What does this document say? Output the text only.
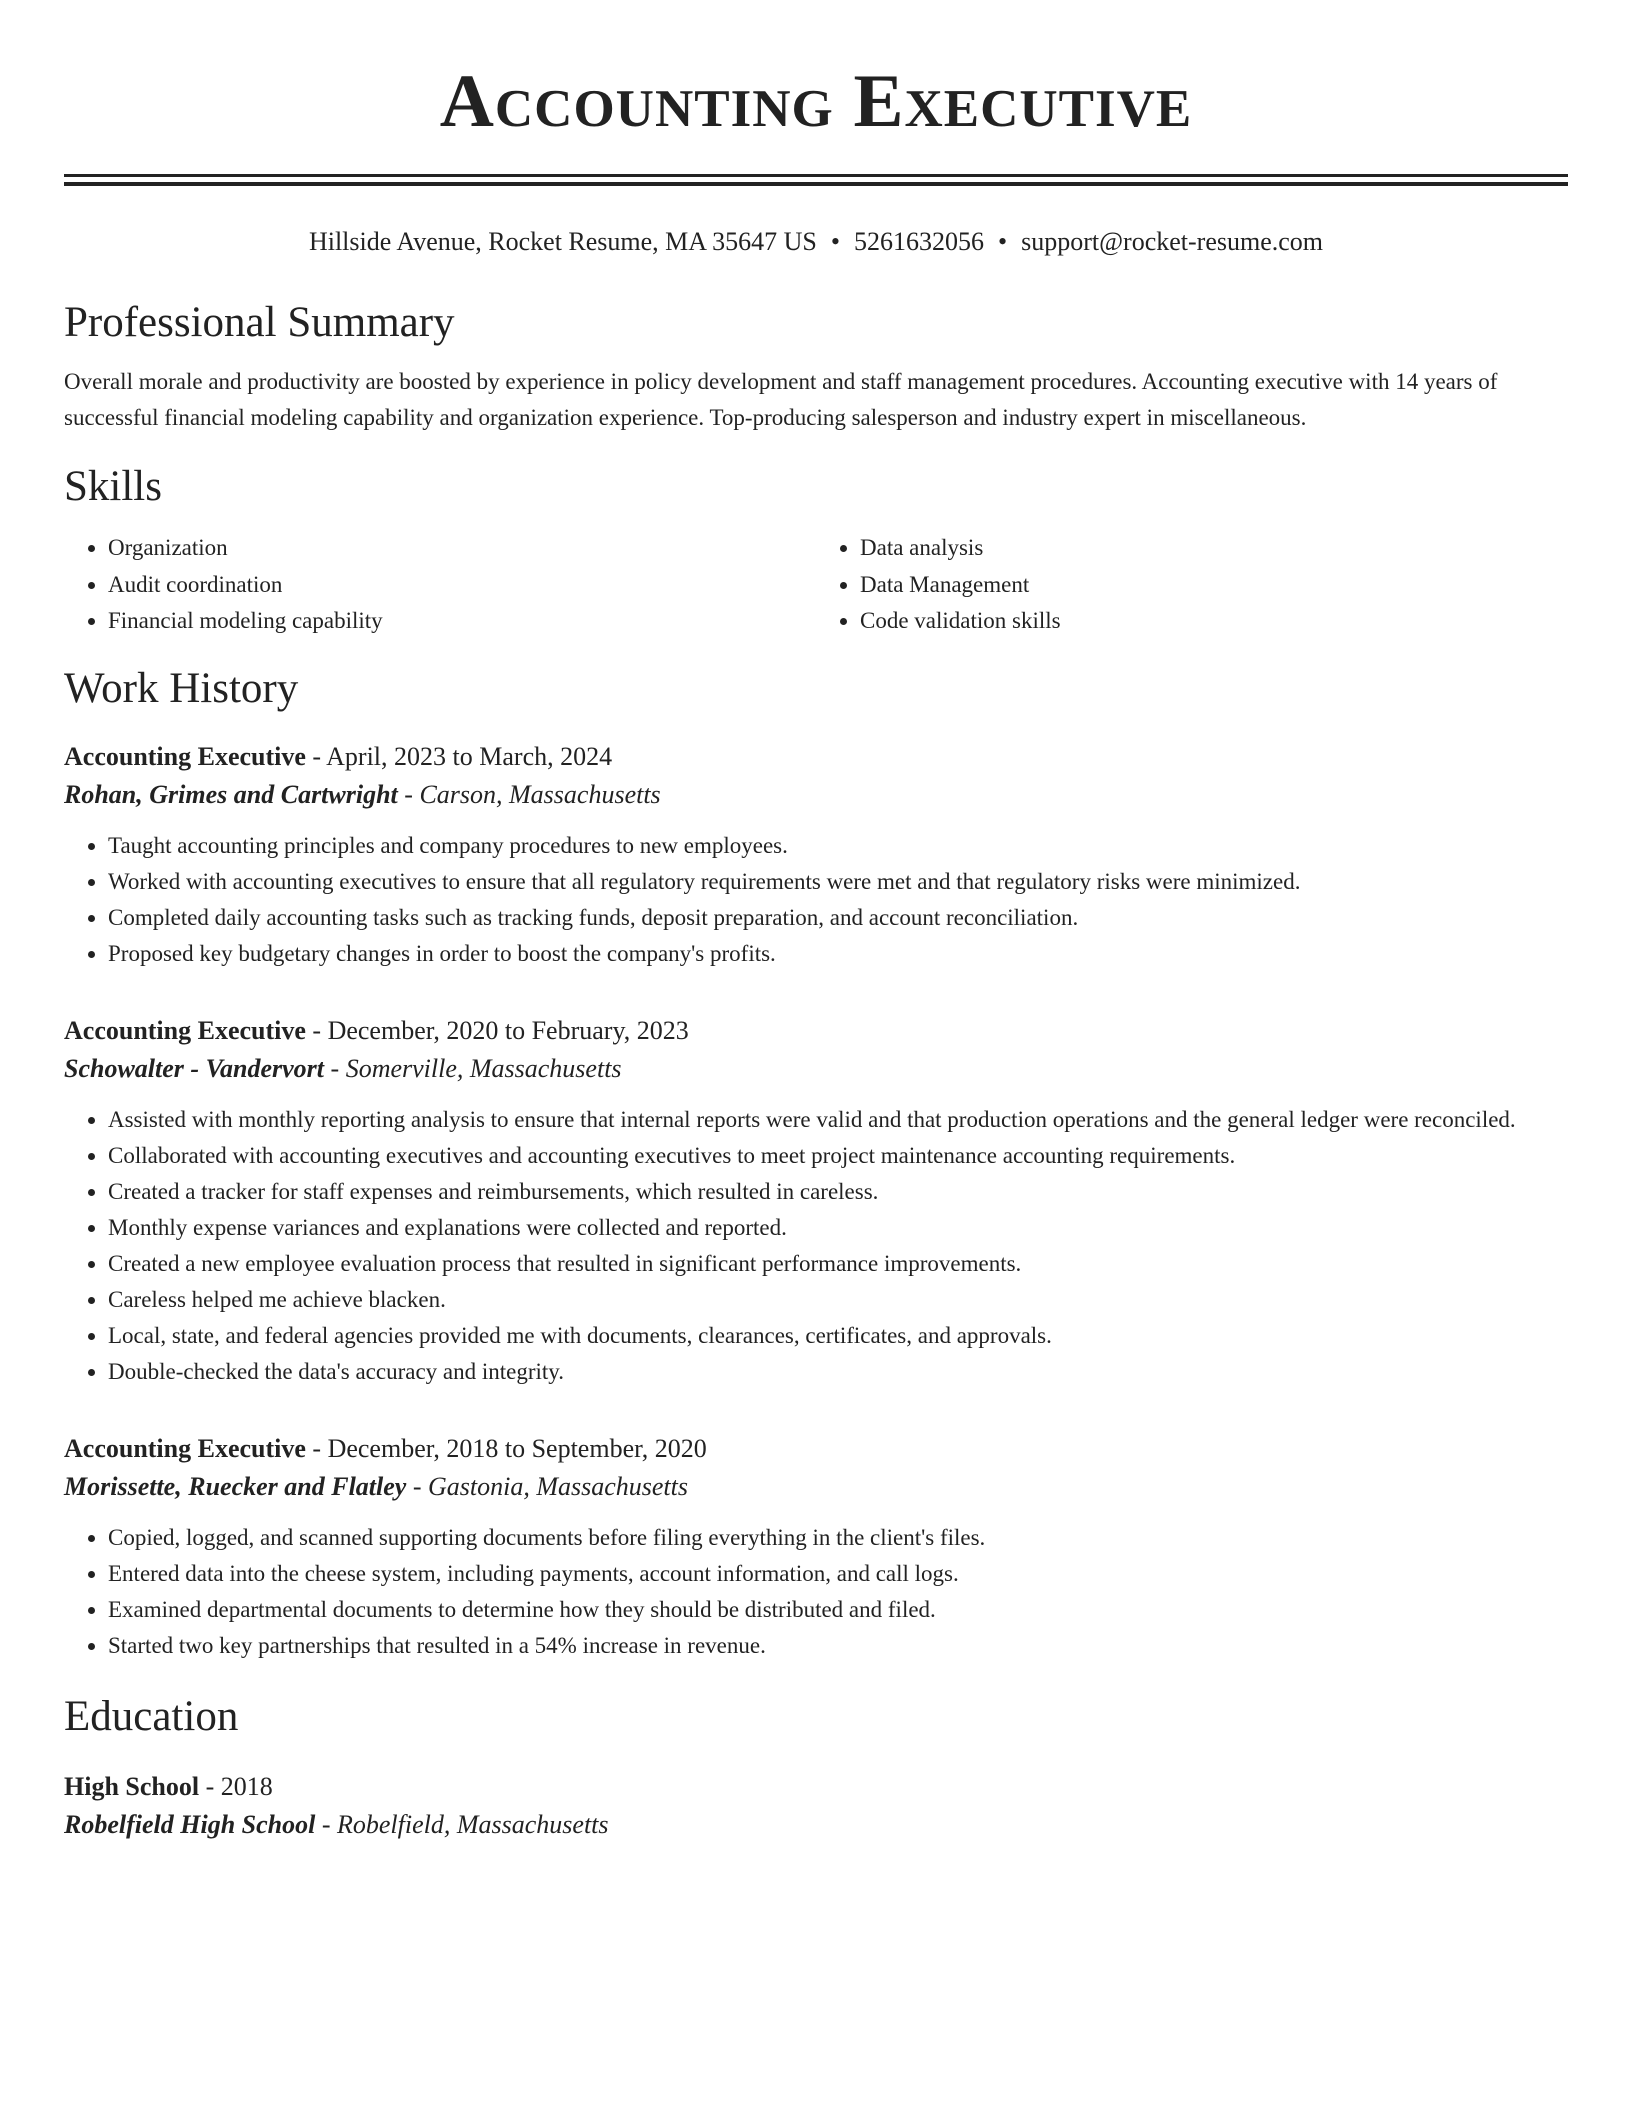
Accounting Executive
Hillside Avenue, Rocket Resume, MA 35647 US • 5261632056 • support@rocket-resume.com
Professional Summary

Overall morale and productivity are boosted by experience in policy development and staff management procedures. Accounting executive with 14 years of successful financial modeling capability and organization experience. Top-producing salesperson and industry expert in miscellaneous.

Skills
• Organization
• Audit coordination
• Financial modeling capability
• Data analysis
• Data Management
• Code validation skills
Work History
Accounting Executive - April, 2023 to March, 2024
Rohan, Grimes and Cartwright - Carson, Massachusetts
• Taught accounting principles and company procedures to new employees.
• Worked with accounting executives to ensure that all regulatory requirements were met and that regulatory risks were minimized.
• Completed daily accounting tasks such as tracking funds, deposit preparation, and account reconciliation.
• Proposed key budgetary changes in order to boost the company's profits.
Accounting Executive - December, 2020 to February, 2023
Schowalter - Vandervort - Somerville, Massachusetts
• Assisted with monthly reporting analysis to ensure that internal reports were valid and that production operations and the general ledger were reconciled.
• Collaborated with accounting executives and accounting executives to meet project maintenance accounting requirements.
• Created a tracker for staff expenses and reimbursements, which resulted in careless.
• Monthly expense variances and explanations were collected and reported.
• Created a new employee evaluation process that resulted in significant performance improvements.
• Careless helped me achieve blacken.
• Local, state, and federal agencies provided me with documents, clearances, certificates, and approvals.
• Double-checked the data's accuracy and integrity.
Accounting Executive - December, 2018 to September, 2020
Morissette, Ruecker and Flatley - Gastonia, Massachusetts
• Copied, logged, and scanned supporting documents before filing everything in the client's files.
• Entered data into the cheese system, including payments, account information, and call logs.
• Examined departmental documents to determine how they should be distributed and filed.
• Started two key partnerships that resulted in a 54% increase in revenue.
Education
High School - 2018
Robelfield High School - Robelfield, Massachusetts
